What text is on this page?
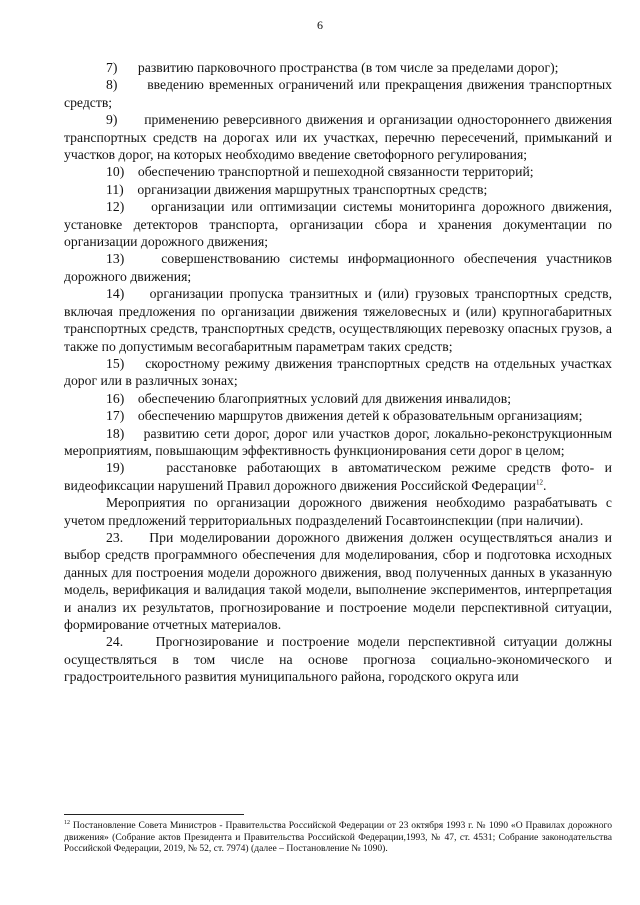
6

7)      развитию парковочного пространства (в том числе за пределами дорог);

8)      введению временных ограничений или прекращения движения транспортных средств;

9)      применению реверсивного движения и организации одностороннего движения транспортных средств на дорогах или их участках, перечню пересечений, примыканий и участков дорог, на которых необходимо введение светофорного регулирования;

10)    обеспечению транспортной и пешеходной связанности территорий;

11)    организации движения маршрутных транспортных средств;

12)    организации или оптимизации системы мониторинга дорожного движения, установке детекторов транспорта, организации сбора и хранения документации по организации дорожного движения;

13)    совершенствованию системы информационного обеспечения участников дорожного движения;

14)    организации пропуска транзитных и (или) грузовых транспортных средств, включая предложения по организации движения тяжеловесных и (или) крупногабаритных транспортных средств, транспортных средств, осуществляющих перевозку опасных грузов, а также по допустимым весогабаритным параметрам таких средств;

15)    скоростному режиму движения транспортных средств на отдельных участках дорог или в различных зонах;

16)    обеспечению благоприятных условий для движения инвалидов;

17)    обеспечению маршрутов движения детей к образовательным организациям;

18)    развитию сети дорог, дорог или участков дорог, локально-реконструкционным мероприятиям, повышающим эффективность функционирования сети дорог в целом;

19)    расстановке работающих в автоматическом режиме средств фото- и видеофиксации нарушений Правил дорожного движения Российской Федерации$^{12}$.

Мероприятия по организации дорожного движения необходимо разрабатывать с учетом предложений территориальных подразделений Госавтоинспекции (при наличии).

23.    При моделировании дорожного движения должен осуществляться анализ и выбор средств программного обеспечения для моделирования, сбор и подготовка исходных данных для построения модели дорожного движения, ввод полученных данных в указанную модель, верификация и валидация такой модели, выполнение экспериментов, интерпретация и анализ их результатов, прогнозирование и построение модели перспективной ситуации, формирование отчетных материалов.

24.    Прогнозирование и построение модели перспективной ситуации должны осуществляться в том числе на основе прогноза социально-экономического и градостроительного развития муниципального района, городского округа или

$^{12}$ Постановление Совета Министров - Правительства Российской Федерации от 23 октября 1993 г. № 1090 «О Правилах дорожного движения» (Собрание актов Президента и Правительства Российской Федерации,1993, № 47, ст. 4531; Собрание законодательства Российской Федерации, 2019, № 52, ст. 7974) (далее – Постановление № 1090).
